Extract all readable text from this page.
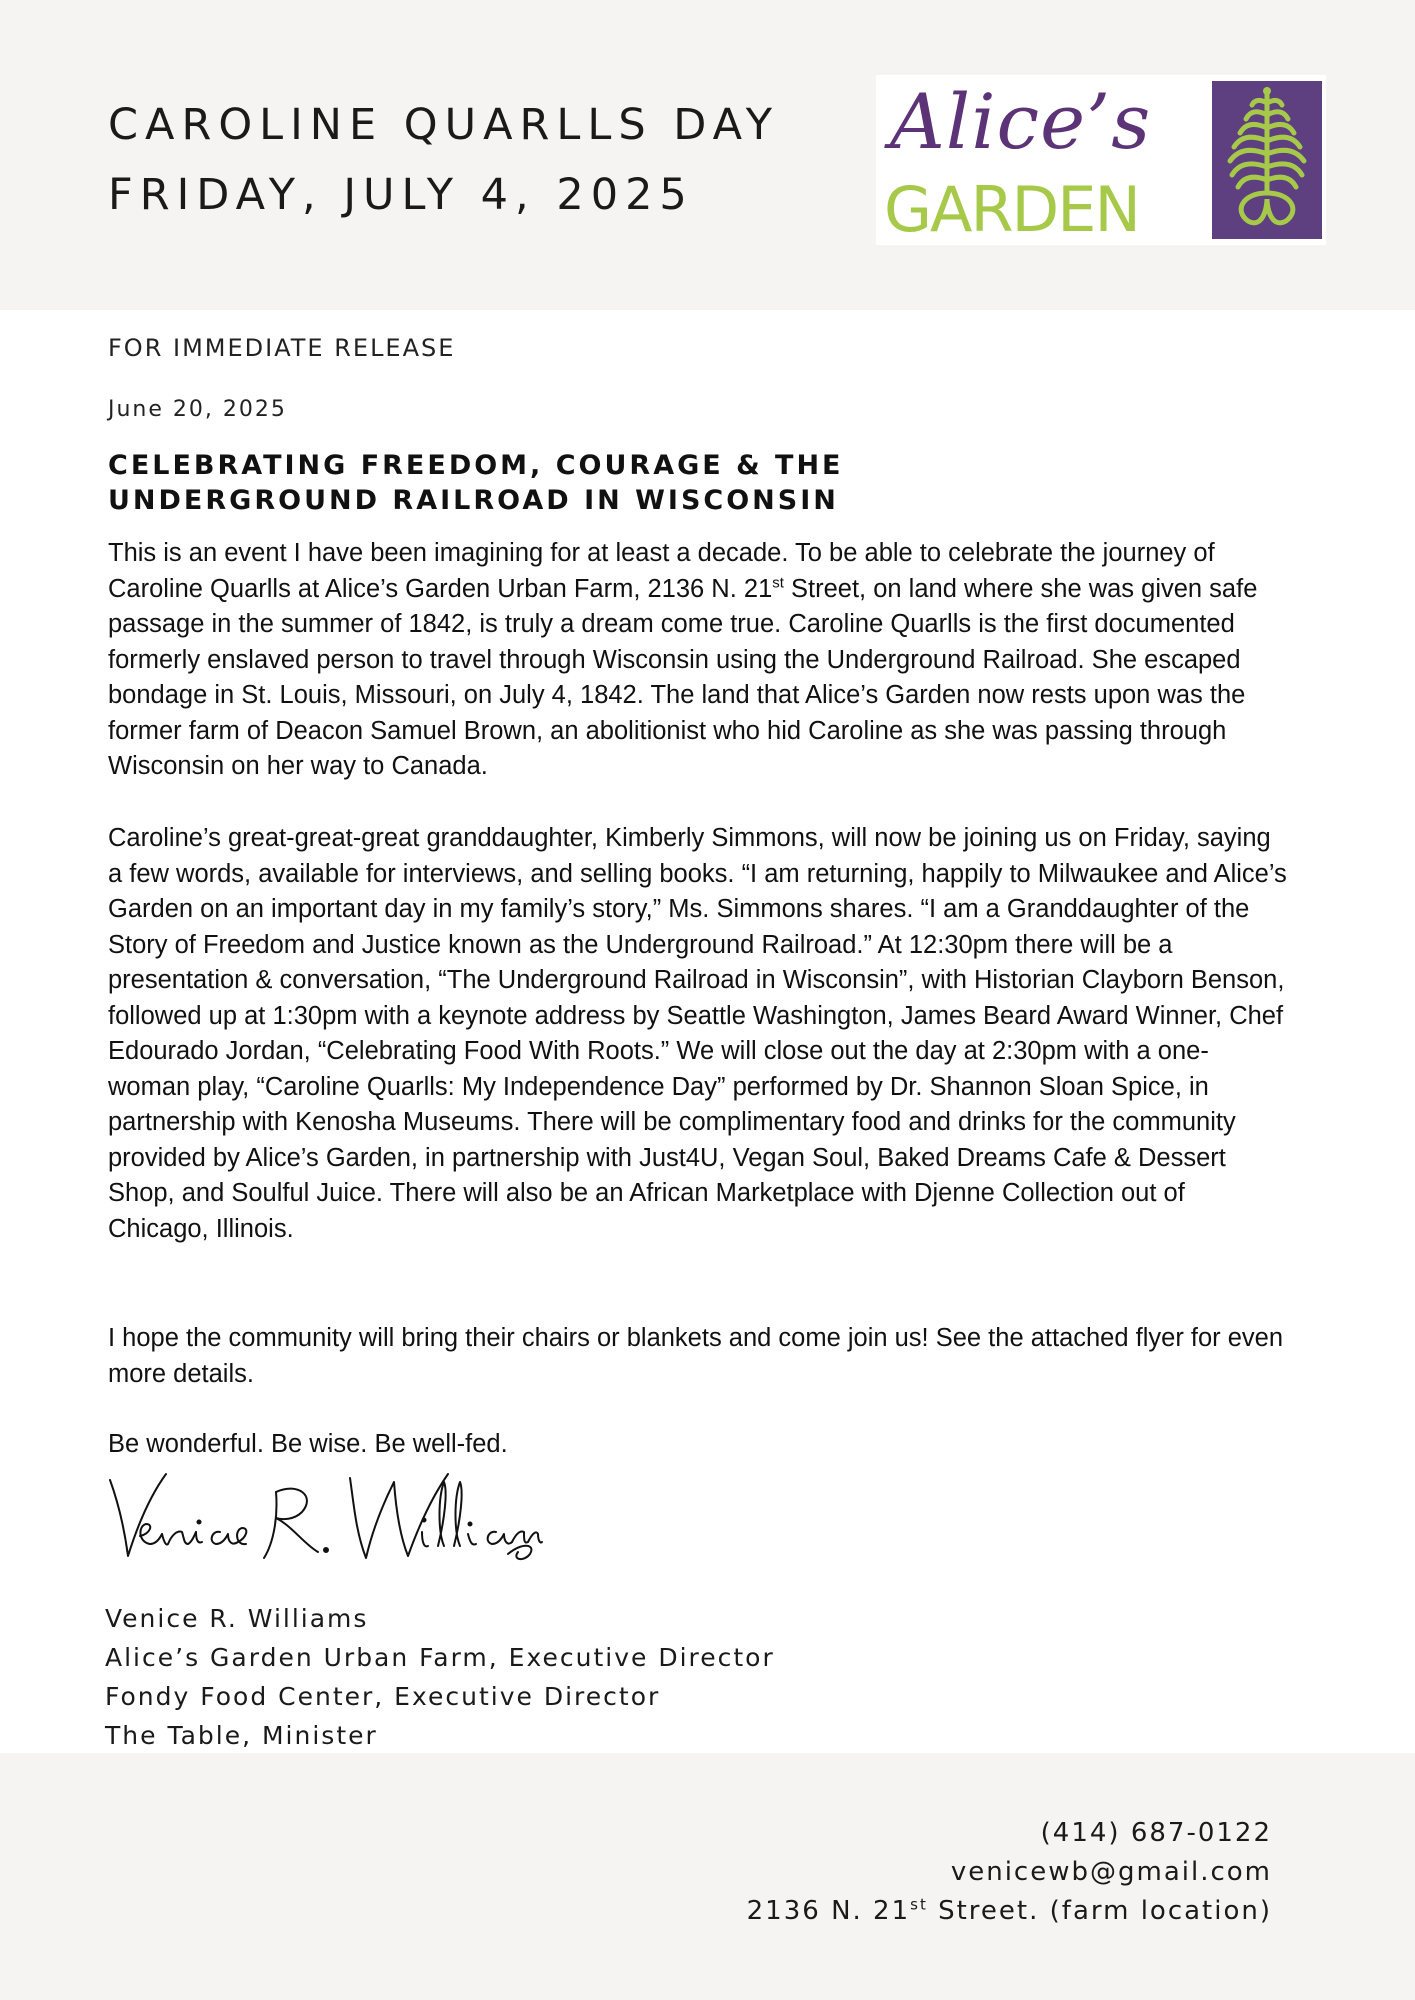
CAROLINE QUARLLS DAY
FRIDAY, JULY 4, 2025
Alice’s
GARDEN
FOR IMMEDIATE RELEASE
June 20, 2025
CELEBRATING FREEDOM, COURAGE & THE UNDERGROUND RAILROAD IN WISCONSIN
This is an event I have been imagining for at least a decade. To be able to celebrate the journey of Caroline Quarlls at Alice’s Garden Urban Farm, 2136 N. 21st Street, on land where she was given safe passage in the summer of 1842, is truly a dream come true. Caroline Quarlls is the first documented formerly enslaved person to travel through Wisconsin using the Underground Railroad. She escaped bondage in St. Louis, Missouri, on July 4, 1842. The land that Alice’s Garden now rests upon was the former farm of Deacon Samuel Brown, an abolitionist who hid Caroline as she was passing through Wisconsin on her way to Canada.
Caroline’s great-great-great granddaughter, Kimberly Simmons, will now be joining us on Friday, saying a few words, available for interviews, and selling books. “I am returning, happily to Milwaukee and Alice’s Garden on an important day in my family’s story,” Ms. Simmons shares. “I am a Granddaughter of the Story of Freedom and Justice known as the Underground Railroad.” At 12:30pm there will be a presentation & conversation, “The Underground Railroad in Wisconsin”, with Historian Clayborn Benson, followed up at 1:30pm with a keynote address by Seattle Washington, James Beard Award Winner, Chef Edourado Jordan, “Celebrating Food With Roots.” We will close out the day at 2:30pm with a one-woman play, “Caroline Quarlls: My Independence Day” performed by Dr. Shannon Sloan Spice, in partnership with Kenosha Museums. There will be complimentary food and drinks for the community provided by Alice’s Garden, in partnership with Just4U, Vegan Soul, Baked Dreams Cafe & Dessert Shop, and Soulful Juice. There will also be an African Marketplace with Djenne Collection out of Chicago, Illinois.
I hope the community will bring their chairs or blankets and come join us! See the attached flyer for even more details.
Be wonderful. Be wise. Be well-fed.
Venice R. Williams
Alice’s Garden Urban Farm, Executive Director
Fondy Food Center, Executive Director
The Table, Minister
(414) 687-0122
venicewb@gmail.com
2136 N. 21st Street. (farm location)
